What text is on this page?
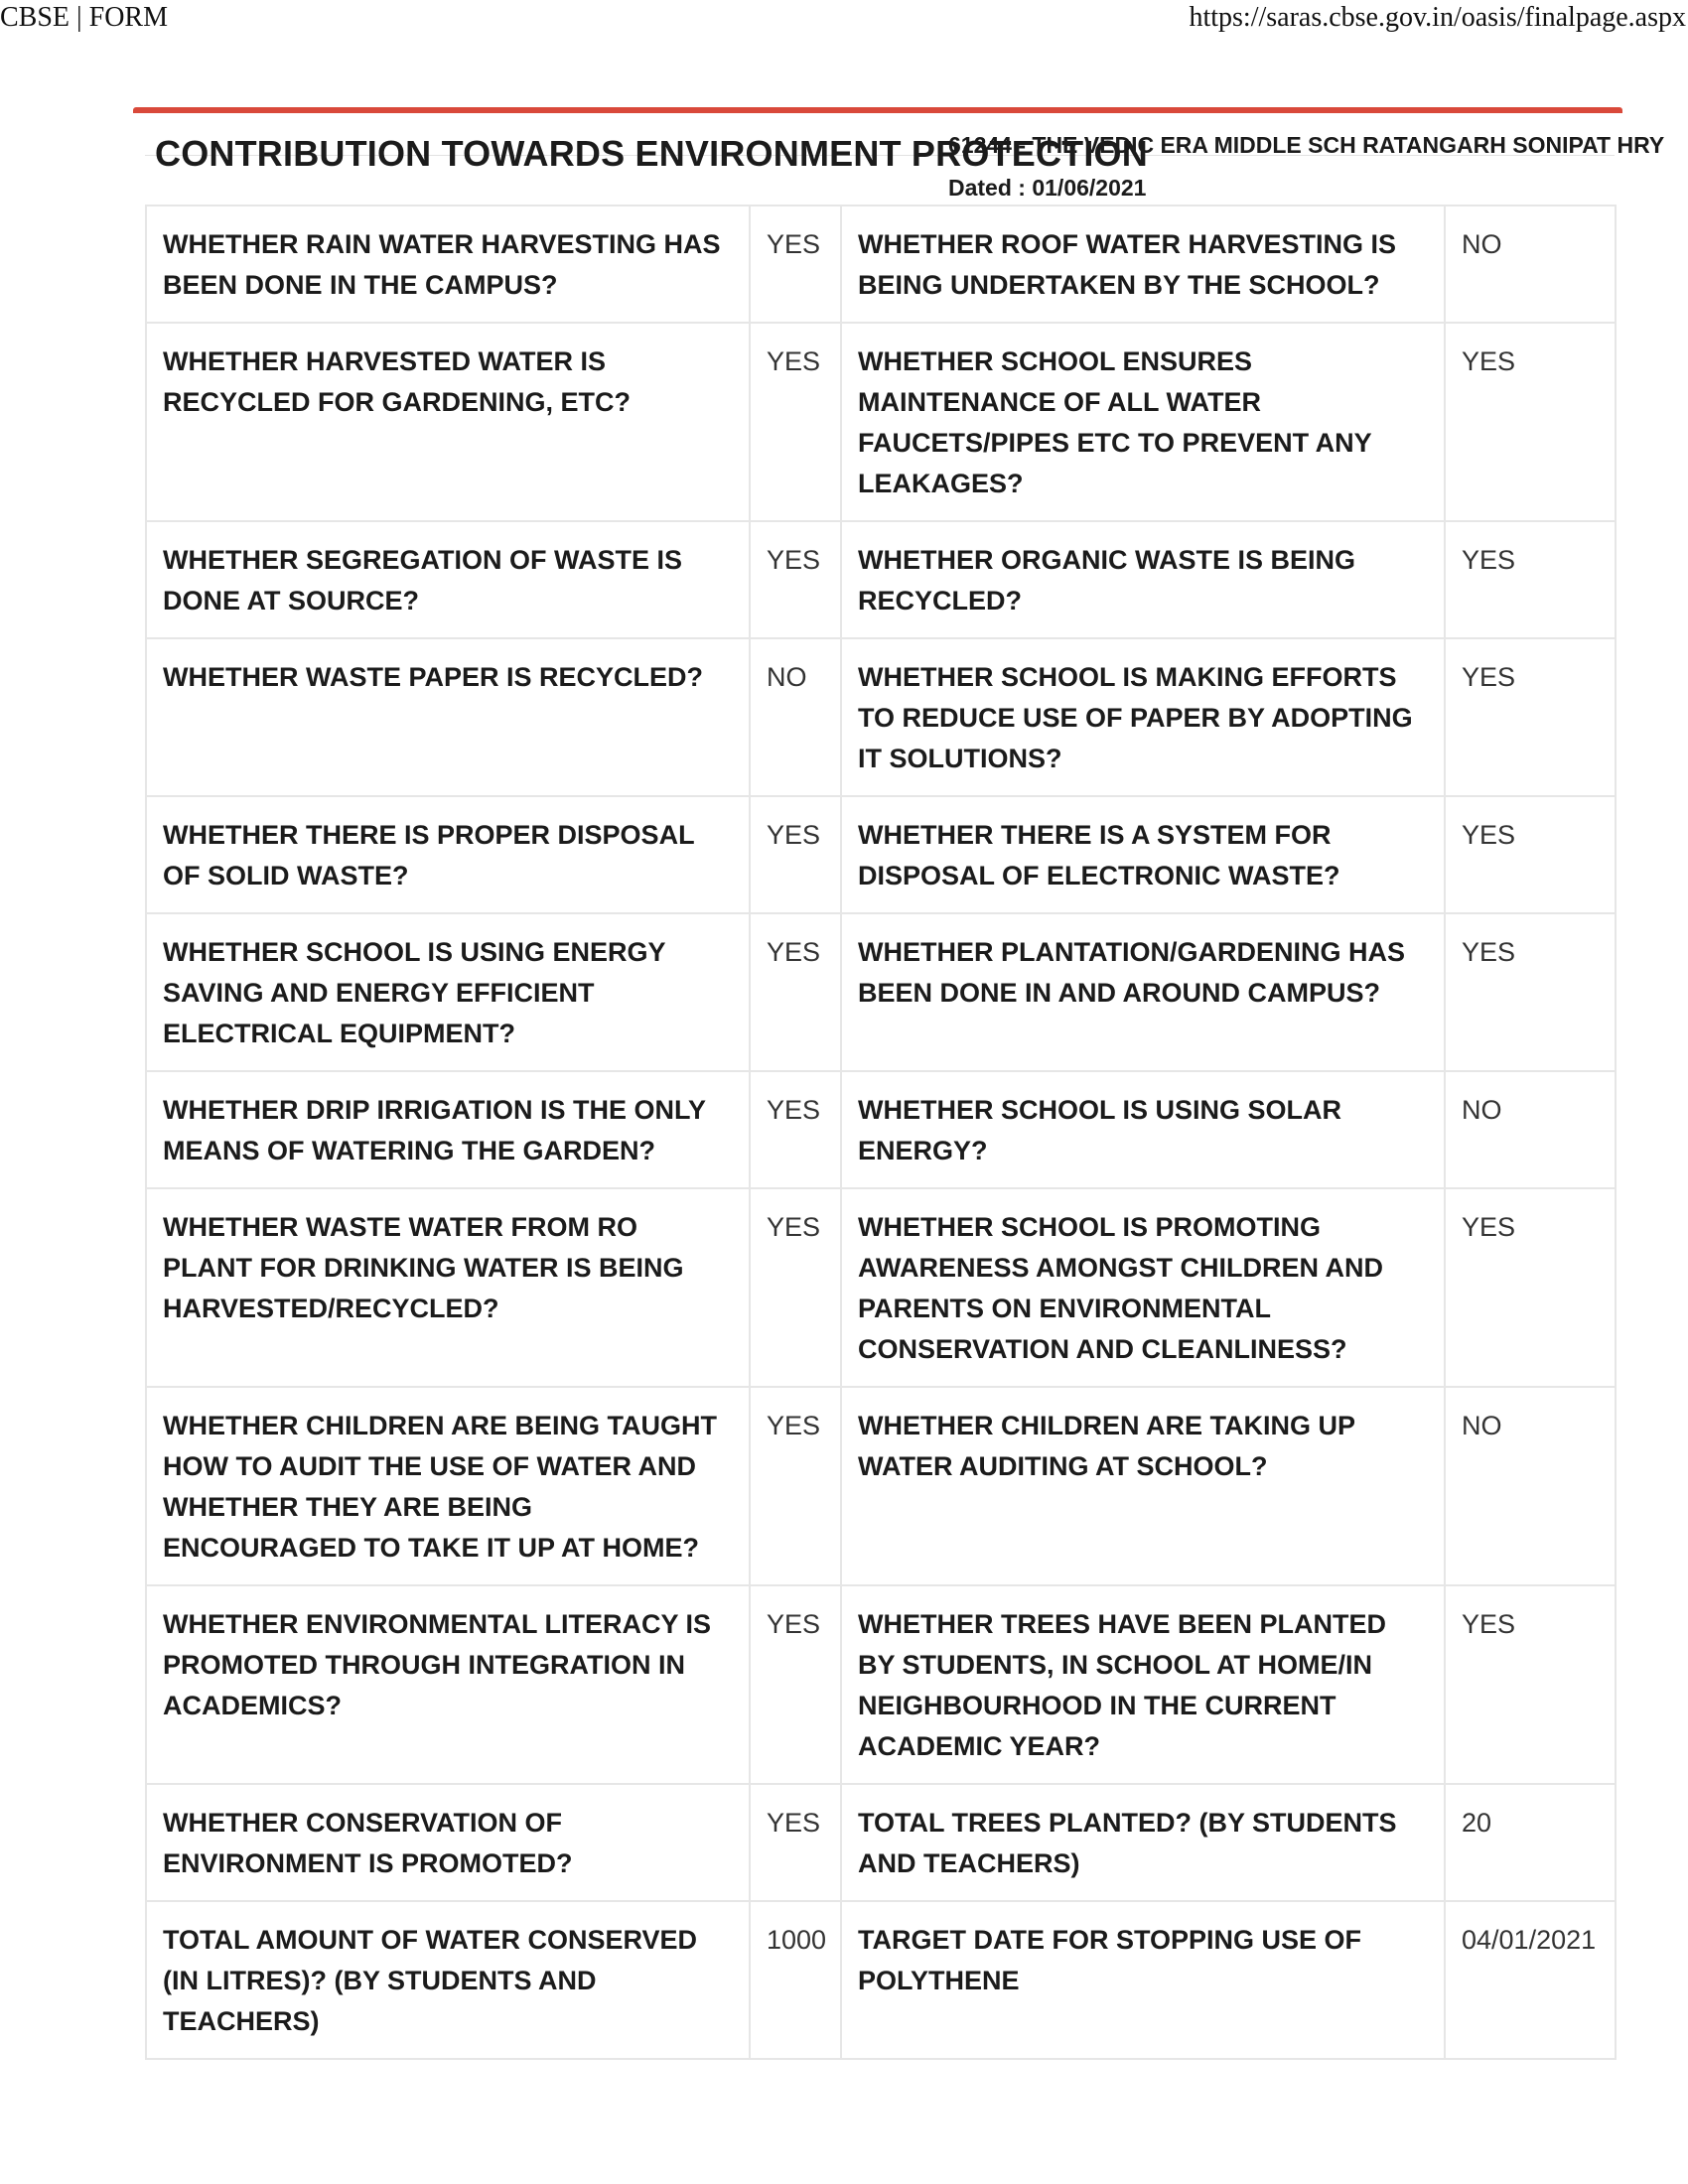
CBSE | FORM	https://saras.cbse.gov.in/oasis/finalpage.aspx
CONTRIBUTION TOWARDS ENVIRONMENT PROTECTION
61244 - THE VEDIC ERA MIDDLE SCH RATANGARH SONIPAT HRY
Dated : 01/06/2021
WHETHER RAIN WATER HARVESTING HAS BEEN DONE IN THE CAMPUS?	YES	WHETHER ROOF WATER HARVESTING IS BEING UNDERTAKEN BY THE SCHOOL?	NO
WHETHER HARVESTED WATER IS RECYCLED FOR GARDENING, ETC?	YES	WHETHER SCHOOL ENSURES MAINTENANCE OF ALL WATER FAUCETS/PIPES ETC TO PREVENT ANY LEAKAGES?	YES
WHETHER SEGREGATION OF WASTE IS DONE AT SOURCE?	YES	WHETHER ORGANIC WASTE IS BEING RECYCLED?	YES
WHETHER WASTE PAPER IS RECYCLED?	NO	WHETHER SCHOOL IS MAKING EFFORTS TO REDUCE USE OF PAPER BY ADOPTING IT SOLUTIONS?	YES
WHETHER THERE IS PROPER DISPOSAL OF SOLID WASTE?	YES	WHETHER THERE IS A SYSTEM FOR DISPOSAL OF ELECTRONIC WASTE?	YES
WHETHER SCHOOL IS USING ENERGY SAVING AND ENERGY EFFICIENT ELECTRICAL EQUIPMENT?	YES	WHETHER PLANTATION/GARDENING HAS BEEN DONE IN AND AROUND CAMPUS?	YES
WHETHER DRIP IRRIGATION IS THE ONLY MEANS OF WATERING THE GARDEN?	YES	WHETHER SCHOOL IS USING SOLAR ENERGY?	NO
WHETHER WASTE WATER FROM RO PLANT FOR DRINKING WATER IS BEING HARVESTED/RECYCLED?	YES	WHETHER SCHOOL IS PROMOTING AWARENESS AMONGST CHILDREN AND PARENTS ON ENVIRONMENTAL CONSERVATION AND CLEANLINESS?	YES
WHETHER CHILDREN ARE BEING TAUGHT HOW TO AUDIT THE USE OF WATER AND WHETHER THEY ARE BEING ENCOURAGED TO TAKE IT UP AT HOME?	YES	WHETHER CHILDREN ARE TAKING UP WATER AUDITING AT SCHOOL?	NO
WHETHER ENVIRONMENTAL LITERACY IS PROMOTED THROUGH INTEGRATION IN ACADEMICS?	YES	WHETHER TREES HAVE BEEN PLANTED BY STUDENTS, IN SCHOOL AT HOME/IN NEIGHBOURHOOD IN THE CURRENT ACADEMIC YEAR?	YES
WHETHER CONSERVATION OF ENVIRONMENT IS PROMOTED?	YES	TOTAL TREES PLANTED? (BY STUDENTS AND TEACHERS)	20
TOTAL AMOUNT OF WATER CONSERVED (IN LITRES)? (BY STUDENTS AND TEACHERS)	1000	TARGET DATE FOR STOPPING USE OF POLYTHENE	04/01/2021
